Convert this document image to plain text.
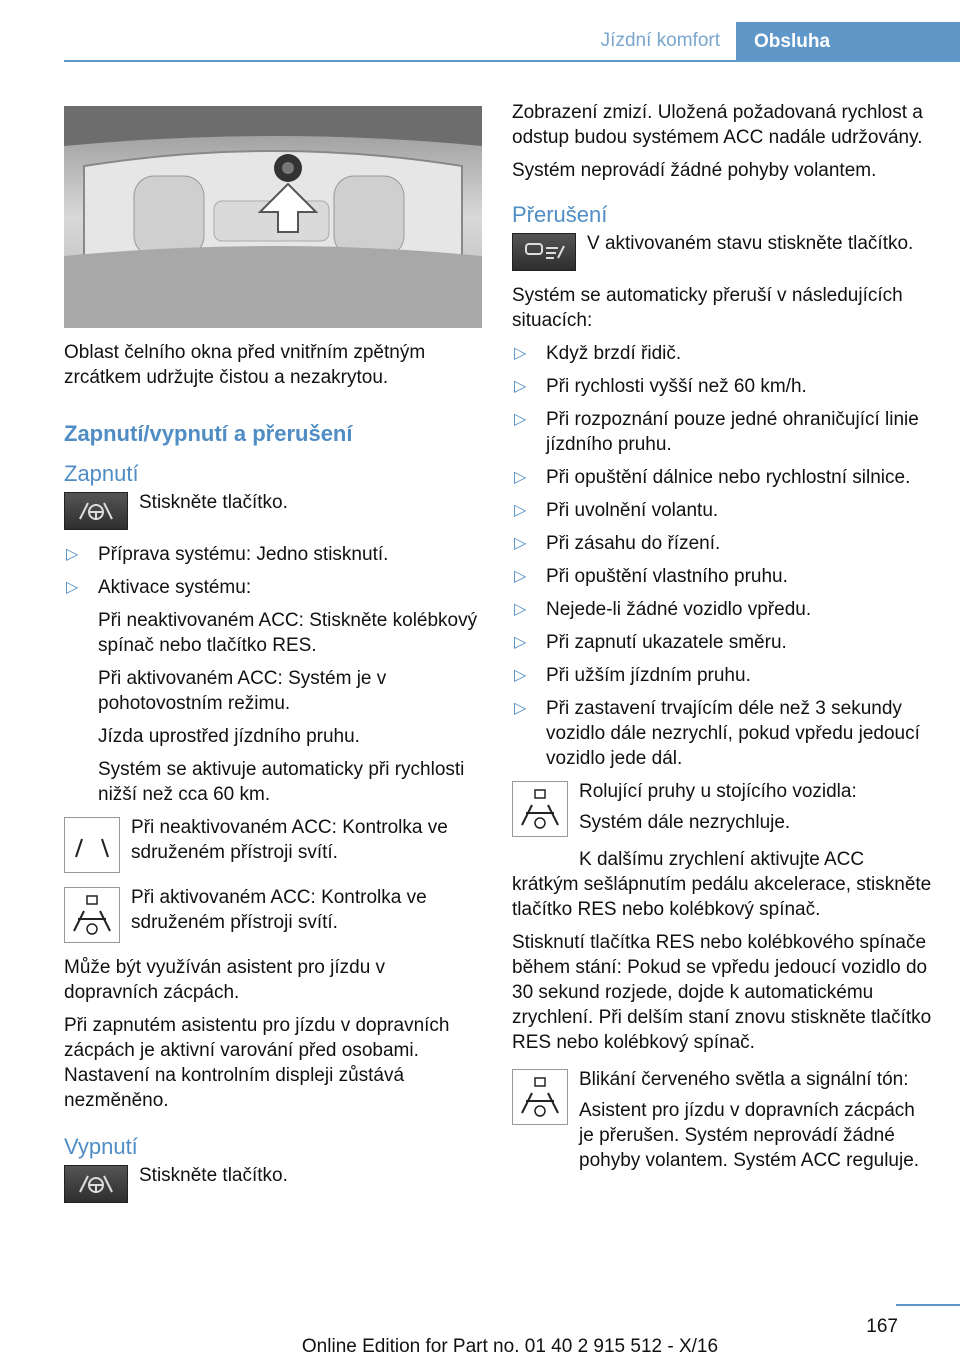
Jízdní komfort	Obsluha

Oblast čelního okna před vnitřním zpětným zrcátkem udržujte čistou a nezakrytou.

Zapnutí/vypnutí a přerušení
Zapnutí

Stiskněte tlačítko.

▷ Příprava systému: Jedno stisknutí.

▷ Aktivace systému:

Při neaktivovaném ACC: Stiskněte kolébkový spínač nebo tlačítko RES.

Při aktivovaném ACC: Systém je v pohotovostním režimu.

Jízda uprostřed jízdního pruhu.

Systém se aktivuje automaticky při rychlosti nižší než cca 60 km.

Při neaktivovaném ACC: Kontrolka ve sdruženém přístroji svítí.

Při aktivovaném ACC: Kontrolka ve sdruženém přístroji svítí.

Může být využíván asistent pro jízdu v dopravních zácpách.

Při zapnutém asistentu pro jízdu v dopravních zácpách je aktivní varování před osobami. Nastavení na kontrolním displeji zůstává nezměněno.

Vypnutí

Stiskněte tlačítko.

Zobrazení zmizí. Uložená požadovaná rychlost a odstup budou systémem ACC nadále udržovány.

Systém neprovádí žádné pohyby volantem.

Přerušení

V aktivovaném stavu stiskněte tlačítko.

Systém se automaticky přeruší v následujících situacích:

▷ Když brzdí řidič.

▷ Při rychlosti vyšší než 60 km/h.

▷ Při rozpoznání pouze jedné ohraničující linie jízdního pruhu.

▷ Při opuštění dálnice nebo rychlostní silnice.

▷ Při uvolnění volantu.

▷ Při zásahu do řízení.

▷ Při opuštění vlastního pruhu.

▷ Nejede-li žádné vozidlo vpředu.

▷ Při zapnutí ukazatele směru.

▷ Při užším jízdním pruhu.

▷ Při zastavení trvajícím déle než 3 sekundy vozidlo dále nezrychlí, pokud vpředu jedoucí vozidlo jede dál.

Rolující pruhy u stojícího vozidla:

Systém dále nezrychluje.

K dalšímu zrychlení aktivujte ACC krátkým sešlápnutím pedálu akcelerace, stiskněte tlačítko RES nebo kolébkový spínač.

Stisknutí tlačítka RES nebo kolébkového spínače během stání: Pokud se vpředu jedoucí vozidlo do 30 sekund rozjede, dojde k automatickému zrychlení. Při delším staní znovu stiskněte tlačítko RES nebo kolébkový spínač.

Blikání červeného světla a signální tón:

Asistent pro jízdu v dopravních zácpách je přerušen. Systém neprovádí žádné pohyby volantem. Systém ACC reguluje.

167
Online Edition for Part no. 01 40 2 915 512 - X/16
